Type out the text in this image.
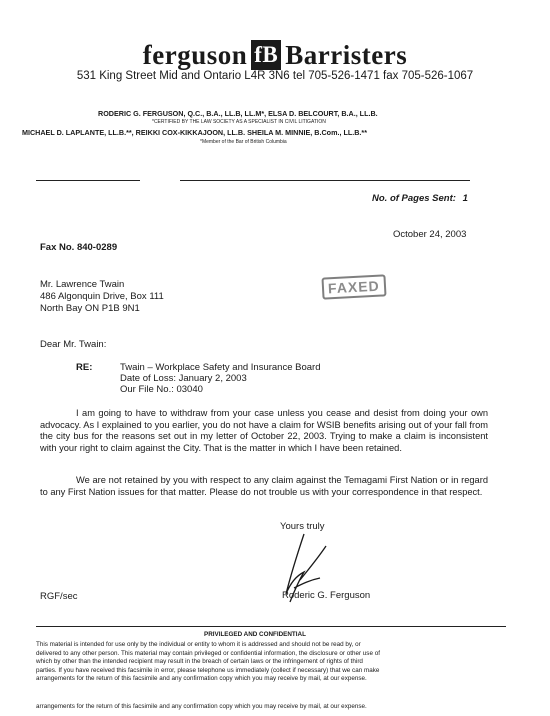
ferguson fB Barristers
531 King Street Mid and Ontario L4R 3N6 tel 705-526-1471 fax 705-526-1067
RODERIC G. FERGUSON, Q.C., B.A., LL.B, LL.M*, ELSA D. BELCOURT, B.A., LL.B.
*CERTIFIED BY THE LAW SOCIETY AS A SPECIALIST IN CIVIL LITIGATION
MICHAEL D. LAPLANTE, LL.B.**, REIKKI COX-KIKKAJOON, LL.B. SHEILA M. MINNIE, B.Com., LL.B.**
*Member of the Bar of British Columbia
No. of Pages Sent: 1
October 24, 2003
Fax No. 840-0289
Mr. Lawrence Twain
486 Algonquin Drive, Box 111
North Bay ON P1B 9N1
FAXED
Dear Mr. Twain:
RE:	Twain – Workplace Safety and Insurance Board
Date of Loss: January 2, 2003
Our File No.: 03040
I am going to have to withdraw from your case unless you cease and desist from doing your own advocacy. As I explained to you earlier, you do not have a claim for WSIB benefits arising out of your fall from the city bus for the reasons set out in my letter of October 22, 2003. Trying to make a claim is inconsistent with your right to claim against the City. That is the matter in which I have been retained.
We are not retained by you with respect to any claim against the Temagami First Nation or in regard to any First Nation issues for that matter. Please do not trouble us with your correspondence in that respect.
Yours truly
Roderic G. Ferguson
RGF/sec
PRIVILEGED AND CONFIDENTIAL
This material is intended for use only by the individual or entity to whom it is addressed and should not be read by, or
delivered to any other person. This material may contain privileged or confidential information, the disclosure or other use of
which by other than the intended recipient may result in the breach of certain laws or the infringement of rights of third
parties. If you have received this facsimile in error, please telephone us immediately (collect if necessary) that we can make
arrangements for the return of this facsimile and any confirmation copy which you may receive by mail, at our expense.
arrangements for the return of this facsimile and any confirmation copy which you may receive by mail, at our expense.
